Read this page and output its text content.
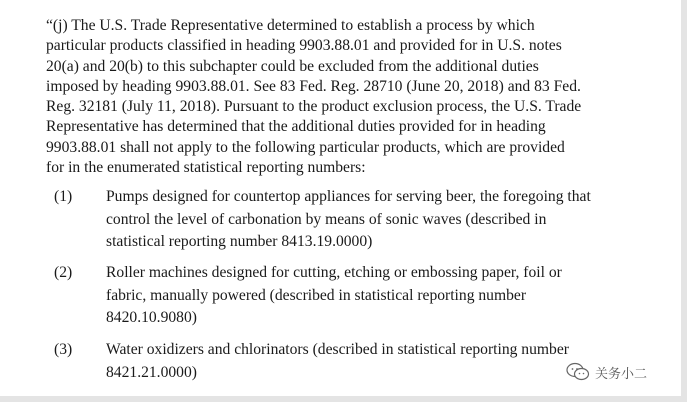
“(j) The U.S. Trade Representative determined to establish a process by which
particular products classified in heading 9903.88.01 and provided for in U.S. notes
20(a) and 20(b) to this subchapter could be excluded from the additional duties
imposed by heading 9903.88.01. See 83 Fed. Reg. 28710 (June 20, 2018) and 83 Fed.
Reg. 32181 (July 11, 2018). Pursuant to the product exclusion process, the U.S. Trade
Representative has determined that the additional duties provided for in heading
9903.88.01 shall not apply to the following particular products, which are provided
for in the enumerated statistical reporting numbers:
(1) Pumps designed for countertop appliances for serving beer, the foregoing that
control the level of carbonation by means of sonic waves (described in
statistical reporting number 8413.19.0000)
(2) Roller machines designed for cutting, etching or embossing paper, foil or
fabric, manually powered (described in statistical reporting number
8420.10.9080)
(3) Water oxidizers and chlorinators (described in statistical reporting number
8421.21.0000)	关务小二
